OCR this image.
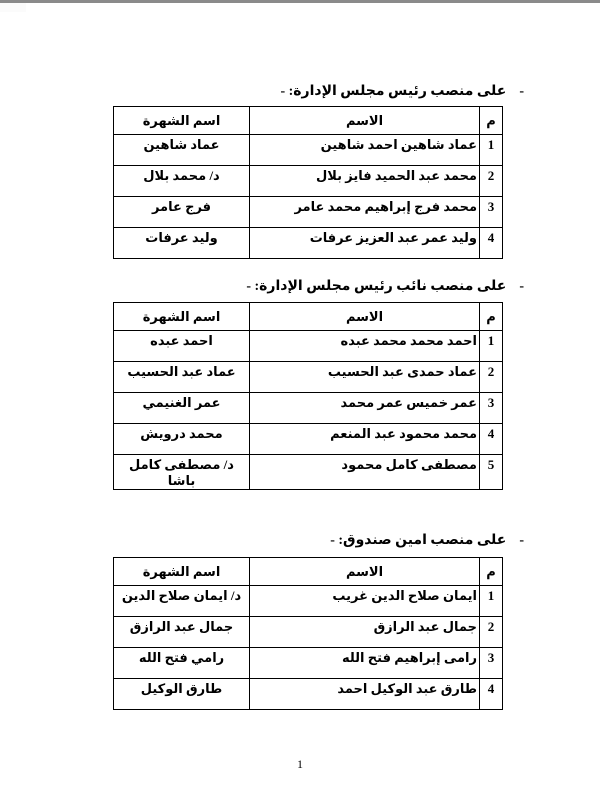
-على منصب رئيس مجلس الإدارة: -
م	الاسم	اسم الشهرة
1	عماد شاهين احمد شاهين	عماد شاهين
2	محمد عبد الحميد فايز بلال	د/ محمد بلال
3	محمد فرج إبراهيم محمد عامر	فرج عامر
4	وليد عمر عبد العزيز عرفات	وليد عرفات
-على منصب نائب رئيس مجلس الإدارة: -
م	الاسم	اسم الشهرة
1	احمد محمد محمد عبده	احمد عبده
2	عماد حمدى عبد الحسيب	عماد عبد الحسيب
3	عمر خميس عمر محمد	عمر الغنيمي
4	محمد محمود عبد المنعم	محمد درويش
5	مصطفى كامل محمود	د/ مصطفى كامل باشا
-على منصب امين صندوق: -
م	الاسم	اسم الشهرة
1	ايمان صلاح الدين غريب	د/ ايمان صلاح الدين
2	جمال عبد الرازق	جمال عبد الرازق
3	رامى إبراهيم فتح الله	رامي فتح الله
4	طارق عبد الوكيل احمد	طارق الوكيل
1
